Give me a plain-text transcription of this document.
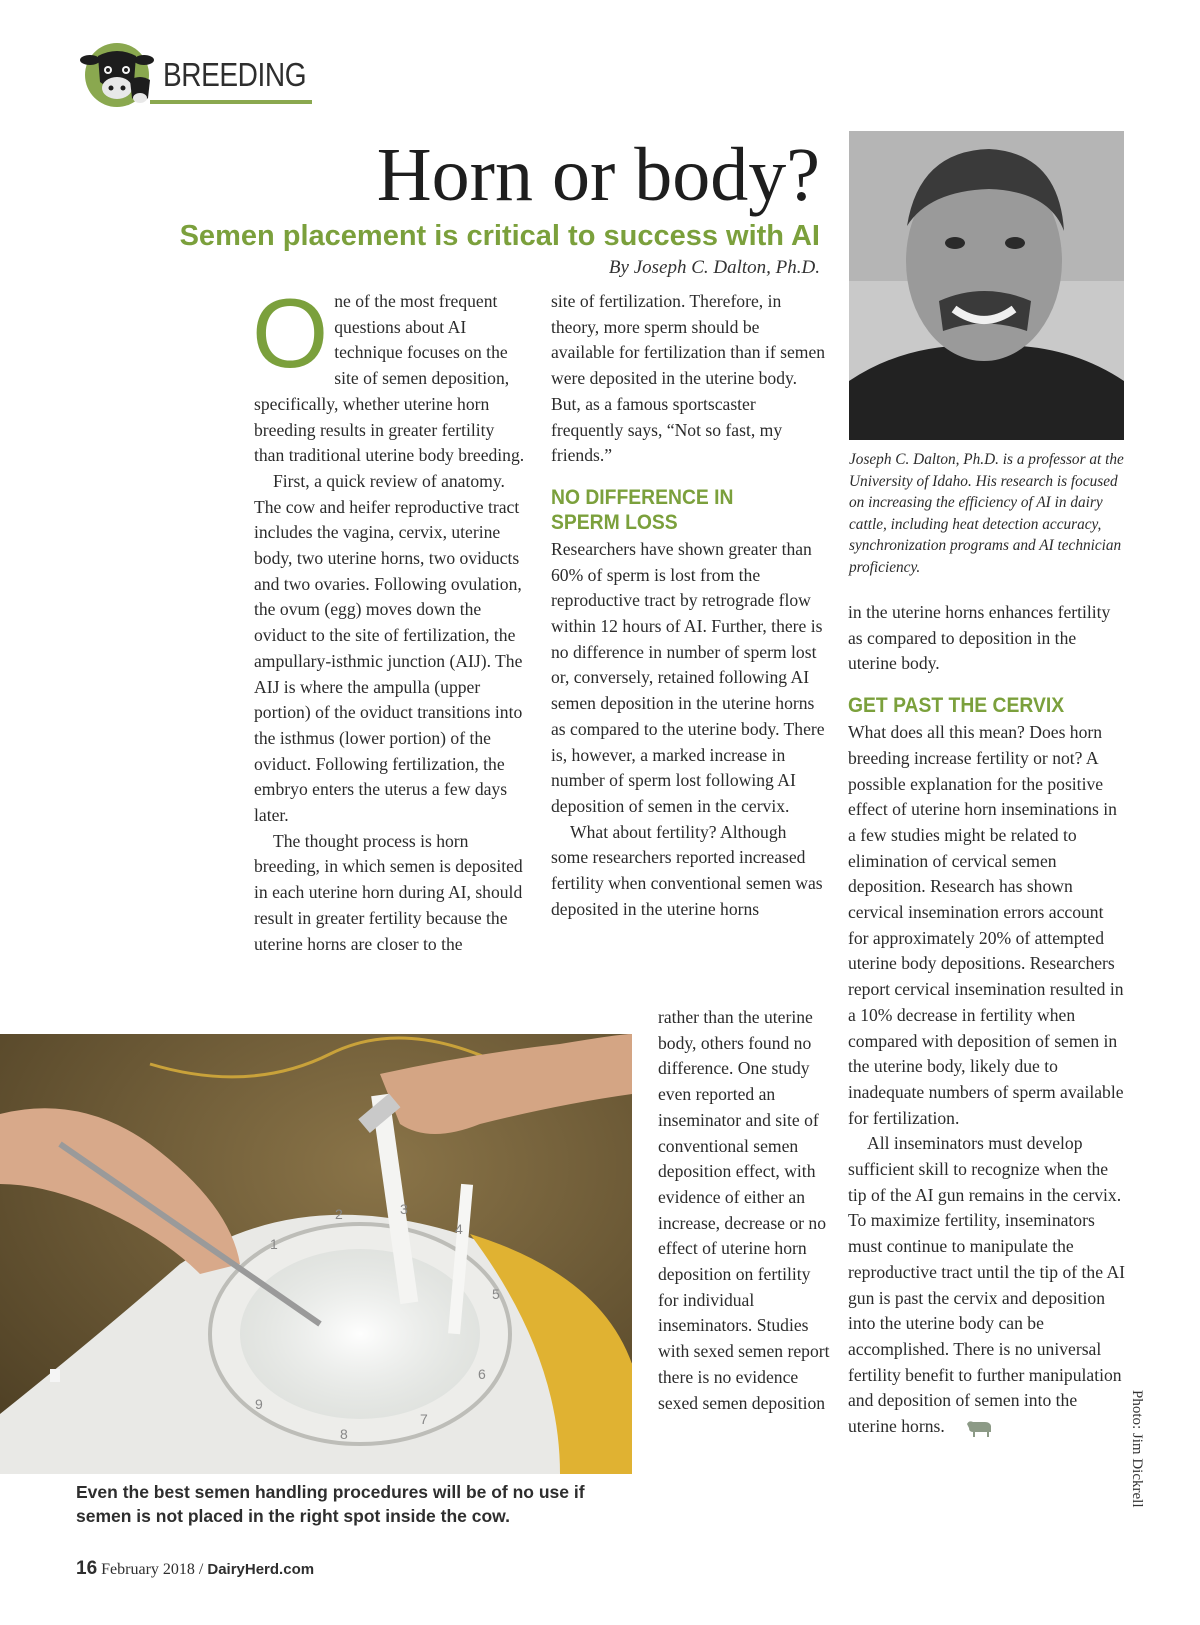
BREEDING
Horn or body?
Semen placement is critical to success with AI
By Joseph C. Dalton, Ph.D.

One of the most frequent questions about AI technique focuses on the site of semen deposition, specifically, whether uterine horn breeding results in greater fertility than traditional uterine body breeding.

First, a quick review of anatomy. The cow and heifer reproductive tract includes the vagina, cervix, uterine body, two uterine horns, two oviducts and two ovaries. Following ovulation, the ovum (egg) moves down the oviduct to the site of fertilization, the ampullary-isthmic junction (AIJ). The AIJ is where the ampulla (upper portion) of the oviduct transitions into the isthmus (lower portion) of the oviduct. Following fertilization, the embryo enters the uterus a few days later.

The thought process is horn breeding, in which semen is deposited in each uterine horn during AI, should result in greater fertility because the uterine horns are closer to the

site of fertilization. Therefore, in theory, more sperm should be available for fertilization than if semen were deposited in the uterine body. But, as a famous sportscaster frequently says, “Not so fast, my friends.”

NO DIFFERENCE IN SPERM LOSS

Researchers have shown greater than 60% of sperm is lost from the reproductive tract by retrograde flow within 12 hours of AI. Further, there is no difference in number of sperm lost or, conversely, retained following AI semen deposition in the uterine horns as compared to the uterine body. There is, however, a marked increase in number of sperm lost following AI deposition of semen in the cervix.

What about fertility? Although some researchers reported increased fertility when conventional semen was deposited in the uterine horns

rather than the uterine body, others found no difference. One study even reported an inseminator and site of conventional semen deposition effect, with evidence of either an increase, decrease or no effect of uterine horn deposition on fertility for individual inseminators. Studies with sexed semen report there is no evidence sexed semen deposition

Joseph C. Dalton, Ph.D. is a professor at the University of Idaho. His research is focused on increasing the efficiency of AI in dairy cattle, including heat detection accuracy, synchronization programs and AI technician proficiency.

in the uterine horns enhances fertility as compared to deposition in the uterine body.

GET PAST THE CERVIX

What does all this mean? Does horn breeding increase fertility or not? A possible explanation for the positive effect of uterine horn inseminations in a few studies might be related to elimination of cervical semen deposition. Research has shown cervical insemination errors account for approximately 20% of attempted uterine body depositions. Researchers report cervical insemination resulted in a 10% decrease in fertility when compared with deposition of semen in the uterine body, likely due to inadequate numbers of sperm available for fertilization.

All inseminators must develop sufficient skill to recognize when the tip of the AI gun remains in the cervix. To maximize fertility, inseminators must continue to manipulate the reproductive tract until the tip of the AI gun is past the cervix and deposition into the uterine body can be accomplished. There is no universal fertility benefit to further manipulation and deposition of semen into the uterine horns.

1
2	3
4
5
6
7
8
9
Even the best semen handling procedures will be of no use if semen is not placed in the right spot inside the cow.
Photo: Jim Dickrell
16 February 2018 / DairyHerd.com
